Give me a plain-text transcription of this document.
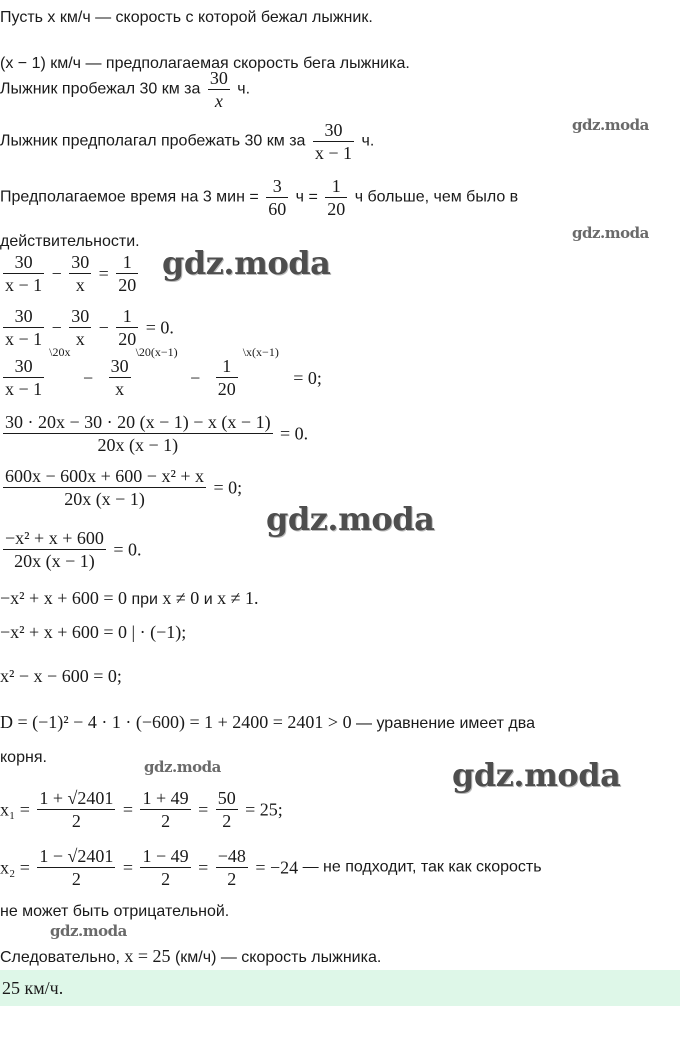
Пусть x км/ч — скорость с которой бежал лыжник.
(x − 1) км/ч — предполагаемая скорость бега лыжника.
Лыжник пробежал 30 км за $\frac{30}{x} ч$.
Лыжник предполагал пробежать 30 км за $\frac{30}{x - 1} ч$.
Предполагаемое время на 3 мин = $\frac{3}{60}$ $ч = \frac{1}{20}$ ч больше, чем было в
действительности.
$\frac{30}{x - 1} - \frac{30}{x} = \frac{1}{20}$
$\frac{30}{x - 1} - \frac{30}{x} - \frac{1}{20} = 0$.
$\frac{30}{x - 1}$
$^{\backslash 20x} - \frac{30}{x}$
$^{\backslash 20(x-1)} - \frac{1}{20}$
$^{\backslash x(x-1)}$ = 0;
$\frac{30 \cdot 20x - 30 \cdot 20 (x - 1) - x (x - 1)}{20x (x - 1)} = 0$.
$\frac{\text{600x − 600x + 600 − x² + x}}{20x (x - 1)} = 0$;
$\frac{\text{−x² + x + 600}}{20x (x - 1)} = 0$.
−x² + x + 600 = 0 при x ≠ 0 и x ≠ 1.
−x² + x + 600 = 0 | · (−1);
x² − x − 600 = 0;
D = (−1)² − 4 · 1 · (−600) = 1 + 2400 = 2401 > 0 — уравнение имеет два
корня.
$x_1 = \frac{1 + √2401}{2} = \frac{1 + 49}{2} = \frac{50}{2} = 25$;
$x_2 = \frac{1 - √2401}{2} = \frac{1 - 49}{2} = \frac{-48}{2} = -24$ — не подходит, так как скорость
не может быть отрицательной.
Следовательно, x = 25 (км/ч) — скорость лыжника.
25 км/ч.
gdz.moda
gdz.moda
gdz.moda
gdz.moda
gdz.moda	gdz.moda
gdz.moda
